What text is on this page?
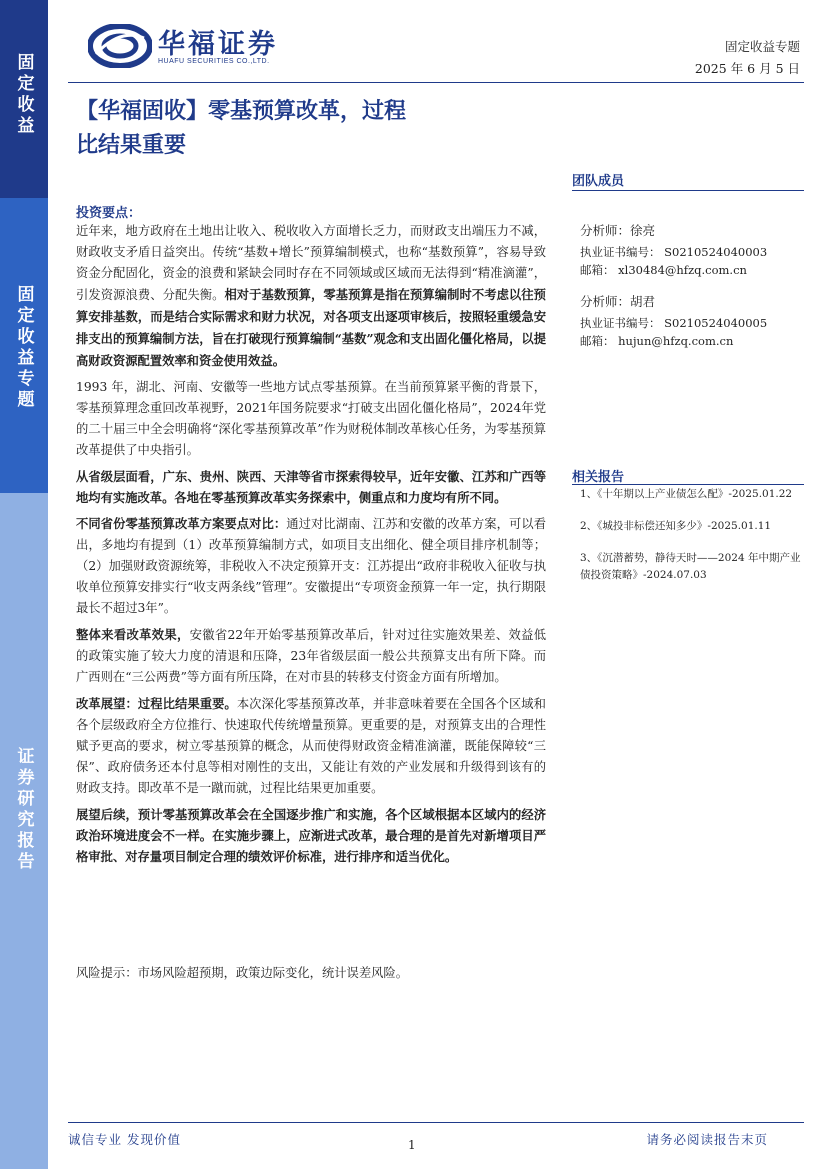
固定收益
固定收益专题
证券研究报告
华福证券
HUAFU SECURITIES CO.,LTD.
固定收益专题
2025 年 6 月 5 日
【华福固收】零基预算改革，过程
比结果重要
投资要点：

近年来，地方政府在土地出让收入、税收收入方面增长乏力，而财政支出端压力不减，财政收支矛盾日益突出。传统“基数+增长”预算编制模式，也称“基数预算”，容易导致资金分配固化，资金的浪费和紧缺会同时存在不同领域或区域而无法得到“精准滴灌”，引发资源浪费、分配失衡。相对于基数预算，零基预算是指在预算编制时不考虑以往预算安排基数，而是结合实际需求和财力状况，对各项支出逐项审核后，按照轻重缓急安排支出的预算编制方法，旨在打破现行预算编制“基数”观念和支出固化僵化格局，以提高财政资源配置效率和资金使用效益。

1993 年，湖北、河南、安徽等一些地方试点零基预算。在当前预算紧平衡的背景下，零基预算理念重回改革视野，2021年国务院要求“打破支出固化僵化格局”，2024年党的二十届三中全会明确将“深化零基预算改革”作为财税体制改革核心任务，为零基预算改革提供了中央指引。

从省级层面看，广东、贵州、陕西、天津等省市探索得较早，近年安徽、江苏和广西等地均有实施改革。各地在零基预算改革实务探索中，侧重点和力度均有所不同。

不同省份零基预算改革方案要点对比：通过对比湖南、江苏和安徽的改革方案，可以看出，多地均有提到（1）改革预算编制方式，如项目支出细化、健全项目排序机制等；（2）加强财政资源统筹，非税收入不决定预算开支：江苏提出“政府非税收入征收与执收单位预算安排实行“收支两条线”管理”。安徽提出“专项资金预算一年一定，执行期限最长不超过3年”。

整体来看改革效果，安徽省22年开始零基预算改革后，针对过往实施效果差、效益低的政策实施了较大力度的清退和压降，23年省级层面一般公共预算支出有所下降。而广西则在“三公两费”等方面有所压降，在对市县的转移支付资金方面有所增加。

改革展望：过程比结果重要。本次深化零基预算改革，并非意味着要在全国各个区域和各个层级政府全方位推行、快速取代传统增量预算。更重要的是，对预算支出的合理性赋予更高的要求，树立零基预算的概念，从而使得财政资金精准滴灌，既能保障较“三保”、政府债务还本付息等相对刚性的支出，又能让有效的产业发展和升级得到该有的财政支持。即改革不是一蹴而就，过程比结果更加重要。

展望后续，预计零基预算改革会在全国逐步推广和实施，各个区域根据本区域内的经济政治环境进度会不一样。在实施步骤上，应渐进式改革，最合理的是首先对新增项目严格审批、对存量项目制定合理的绩效评价标准，进行排序和适当优化。

风险提示：市场风险超预期，政策边际变化，统计误差风险。
团队成员
分析师：徐亮
执业证书编号： S0210524040003
邮箱： xl30484@hfzq.com.cn
分析师：胡君
执业证书编号： S0210524040005
邮箱： hujun@hfzq.com.cn
相关报告
1、《十年期以上产业债怎么配》-2025.01.22
2、《城投非标偿还知多少》-2025.01.11
3、《沉潜蓄势，静待天时——2024 年中期产业债投资策略》-2024.07.03
诚信专业 发现价值	1	请务必阅读报告末页
